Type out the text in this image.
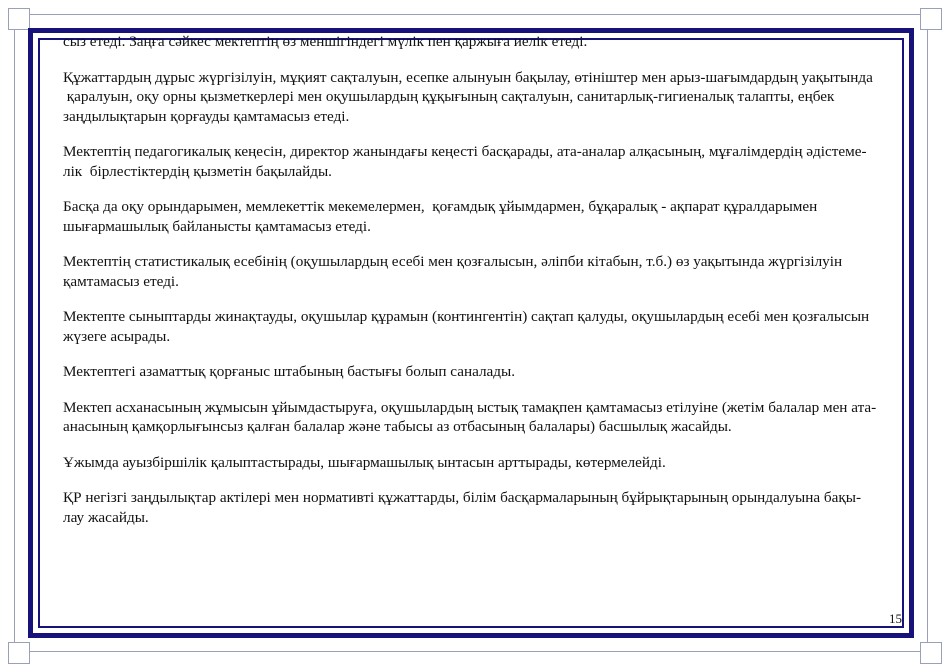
сыз етеді. Заңға сәйкес мектептің өз меншігіндегі мүлік пен қаржыға иелік етеді.

Құжаттардың дұрыс жүргізілуін, мұқият сақталуын, есепке алынуын бақылау, өтініштер мен арыз-шағымдардың уақытында
қаралуын, оқу орны қызметкерлері мен оқушылардың құқығының сақталуын, санитарлық-гигиеналық талапты, еңбек
заңдылықтарын қорғауды қамтамасыз етеді.

Мектептің педагогикалық кеңесін, директор жанындағы кеңесті басқарады, ата-аналар алқасының, мұғалімдердің әдістеме-
лік  бірлестіктердің қызметін бақылайды.

Басқа да оқу орындарымен, мемлекеттік мекемелермен,  қоғамдық ұйымдармен, бұқаралық - ақпарат құралдарымен
шығармашылық байланысты қамтамасыз етеді.

Мектептің статистикалық есебінің (оқушылардың есебі мен қозғалысын, әліпби кітабын, т.б.) өз уақытында жүргізілуін
қамтамасыз етеді.

Мектепте сыныптарды жинақтауды, оқушылар құрамын (контингентін) сақтап қалуды, оқушылардың есебі мен қозғалысын
жүзеге асырады.

Мектептегі азаматтық қорғаныс штабының бастығы болып саналады.

Мектеп асханасының жұмысын ұйымдастыруға, оқушылардың ыстық тамақпен қамтамасыз етілуіне (жетім балалар мен ата-
анасының қамқорлығынсыз қалған балалар және табысы аз отбасының балалары) басшылық жасайды.

Ұжымда ауызбіршілік қалыптастырады, шығармашылық ынтасын арттырады, көтермелейді.

ҚР негізгі заңдылықтар актілері мен нормативті құжаттарды, білім басқармаларының бұйрықтарының орындалуына бақы-
лау жасайды.

15
